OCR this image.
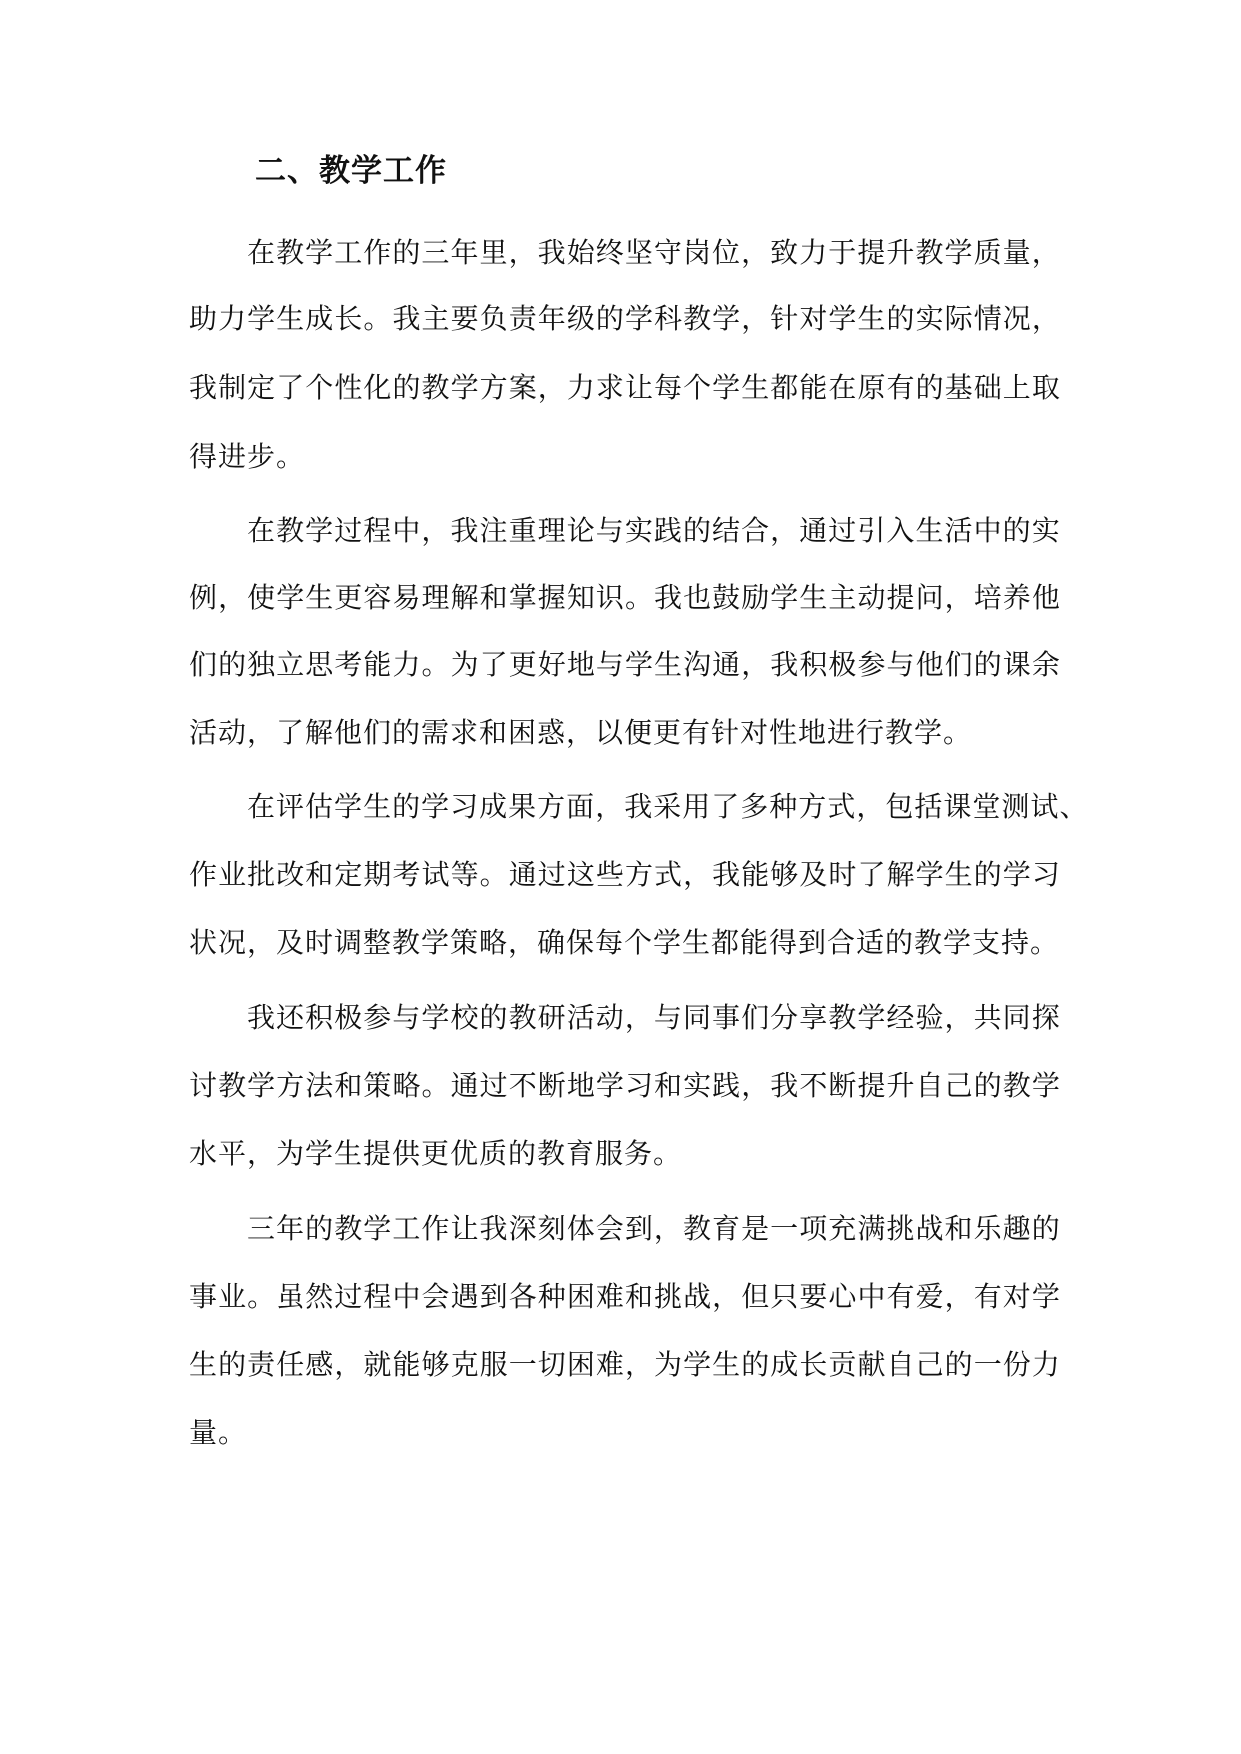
二、教学工作
在 教 学 工 作 的 三 年 里 ， 我 始 终 坚 守 岗 位 ， 致 力 于 提 升 教 学 质 量 ，
助 力 学 生 成 长 。 我 主 要 负 责 年 级 的 学 科 教 学 ， 针 对 学 生 的 实 际 情 况 ，
我 制 定 了 个 性 化 的 教 学 方 案 ， 力 求 让 每 个 学 生 都 能 在 原 有 的 基 础 上 取
得进步。
在 教 学 过 程 中 ， 我 注 重 理 论 与 实 践 的 结 合 ， 通 过 引 入 生 活 中 的 实
例 ， 使 学 生 更 容 易 理 解 和 掌 握 知 识 。 我 也 鼓 励 学 生 主 动 提 问 ， 培 养 他
们 的 独 立 思 考 能 力 。 为 了 更 好 地 与 学 生 沟 通 ， 我 积 极 参 与 他 们 的 课 余
活动，了解他们的需求和困惑，以便更有针对性地进行教学。
在 评 估 学 生 的 学 习 成 果 方 面 ， 我 采 用 了 多 种 方 式 ， 包 括 课 堂 测 试 、
作 业 批 改 和 定 期 考 试 等 。 通 过 这 些 方 式 ， 我 能 够 及 时 了 解 学 生 的 学 习
状况，及时调整教学策略，确保每个学生都能得到合适的教学支持。
我 还 积 极 参 与 学 校 的 教 研 活 动 ， 与 同 事 们 分 享 教 学 经 验 ， 共 同 探
讨 教 学 方 法 和 策 略 。 通 过 不 断 地 学 习 和 实 践 ， 我 不 断 提 升 自 己 的 教 学
水平，为学生提供更优质的教育服务。
三 年 的 教 学 工 作 让 我 深 刻 体 会 到 ， 教 育 是 一 项 充 满 挑 战 和 乐 趣 的
事 业 。 虽 然 过 程 中 会 遇 到 各 种 困 难 和 挑 战 ， 但 只 要 心 中 有 爱 ， 有 对 学
生 的 责 任 感 ， 就 能 够 克 服 一 切 困 难 ， 为 学 生 的 成 长 贡 献 自 己 的 一 份 力
量。
